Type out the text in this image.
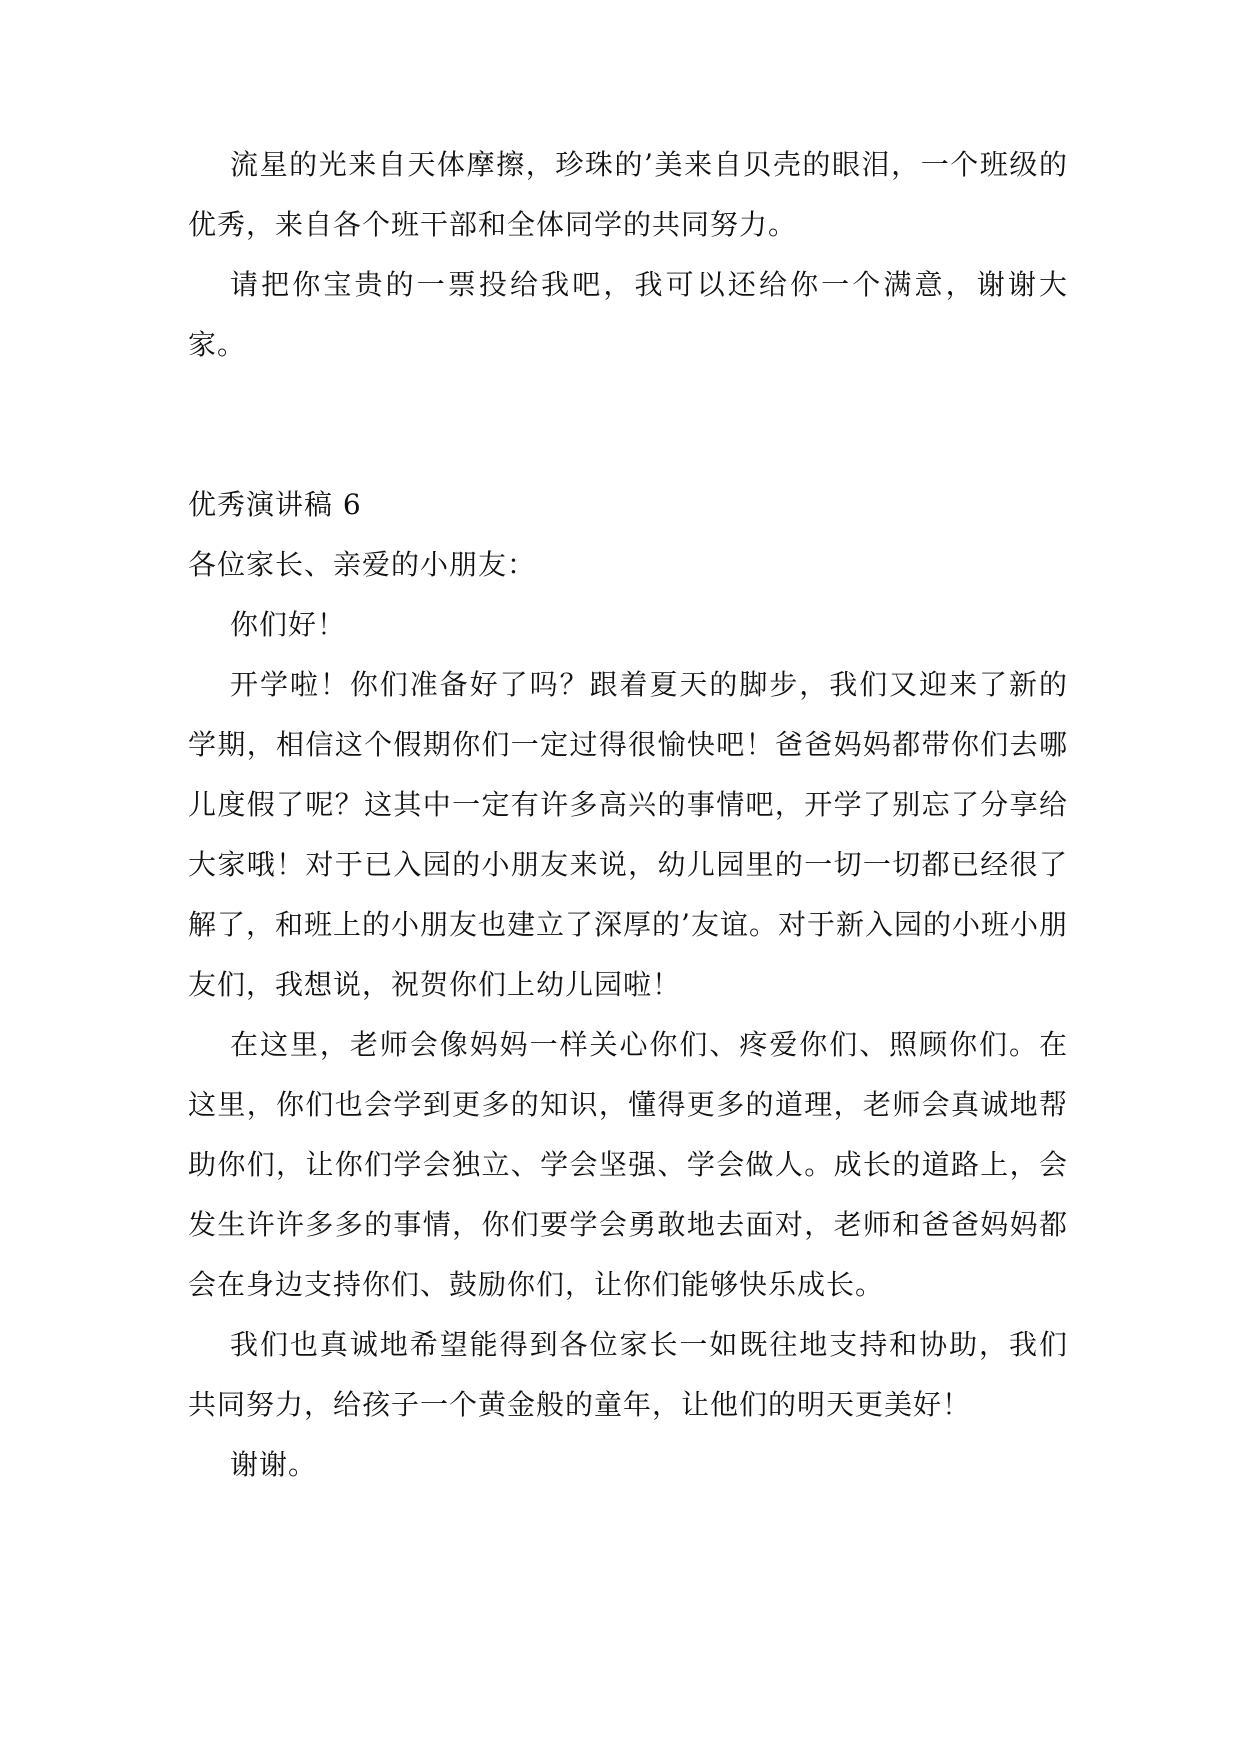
流星的光来自天体摩擦，珍珠的’美来自贝壳的眼泪，一个班级的优秀，来自各个班干部和全体同学的共同努力。

请把你宝贵的一票投给我吧，我可以还给你一个满意，谢谢大家。

优秀演讲稿 6

各位家长、亲爱的小朋友：

你们好！

开学啦！你们准备好了吗？跟着夏天的脚步，我们又迎来了新的学期，相信这个假期你们一定过得很愉快吧！爸爸妈妈都带你们去哪儿度假了呢？这其中一定有许多高兴的事情吧，开学了别忘了分享给大家哦！对于已入园的小朋友来说，幼儿园里的一切一切都已经很了解了，和班上的小朋友也建立了深厚的’友谊。对于新入园的小班小朋友们，我想说，祝贺你们上幼儿园啦！

在这里，老师会像妈妈一样关心你们、疼爱你们、照顾你们。在这里，你们也会学到更多的知识，懂得更多的道理，老师会真诚地帮助你们，让你们学会独立、学会坚强、学会做人。成长的道路上，会发生许许多多的事情，你们要学会勇敢地去面对，老师和爸爸妈妈都会在身边支持你们、鼓励你们，让你们能够快乐成长。

我们也真诚地希望能得到各位家长一如既往地支持和协助，我们共同努力，给孩子一个黄金般的童年，让他们的明天更美好！

谢谢。
